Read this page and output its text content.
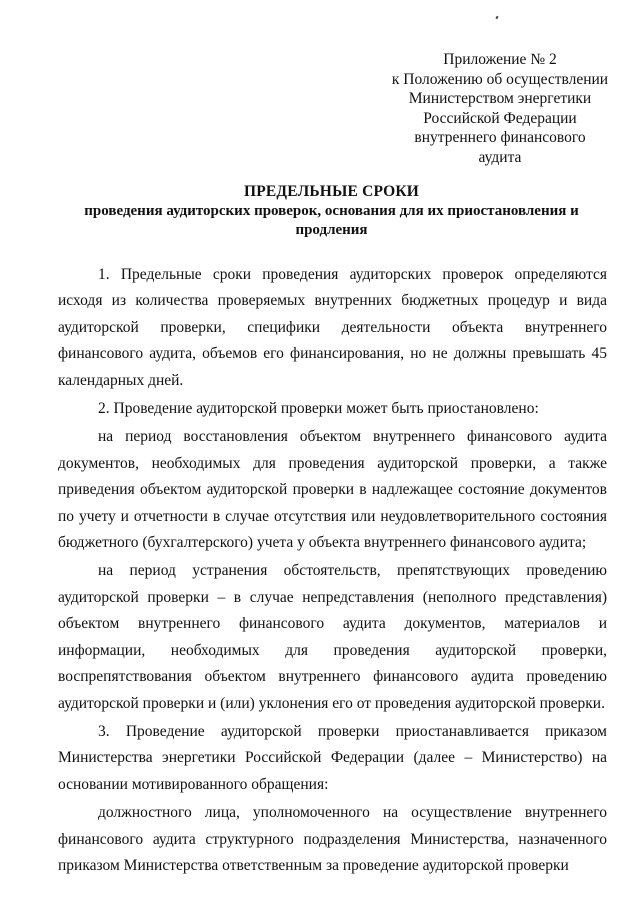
Приложение № 2
к Положению об осуществлении
Министерством энергетики
Российской Федерации
внутреннего финансового
аудита
ПРЕДЕЛЬНЫЕ СРОКИ
проведения аудиторских проверок, основания для их приостановления и продления

1. Предельные сроки проведения аудиторских проверок определяются исходя из количества проверяемых внутренних бюджетных процедур и вида аудиторской проверки, специфики деятельности объекта внутреннего финансового аудита, объемов его финансирования, но не должны превышать 45 календарных дней.

2. Проведение аудиторской проверки может быть приостановлено:

на период восстановления объектом внутреннего финансового аудита документов, необходимых для проведения аудиторской проверки, а также приведения объектом аудиторской проверки в надлежащее состояние документов по учету и отчетности в случае отсутствия или неудовлетворительного состояния бюджетного (бухгалтерского) учета у объекта внутреннего финансового аудита;

на период устранения обстоятельств, препятствующих проведению аудиторской проверки – в случае непредставления (неполного представления) объектом внутреннего финансового аудита документов, материалов и информации, необходимых для проведения аудиторской проверки, воспрепятствования объектом внутреннего финансового аудита проведению аудиторской проверки и (или) уклонения его от проведения аудиторской проверки.

3. Проведение аудиторской проверки приостанавливается приказом Министерства энергетики Российской Федерации (далее – Министерство) на основании мотивированного обращения:

должностного лица, уполномоченного на осуществление внутреннего финансового аудита структурного подразделения Министерства, назначенного приказом Министерства ответственным за проведение аудиторской проверки
